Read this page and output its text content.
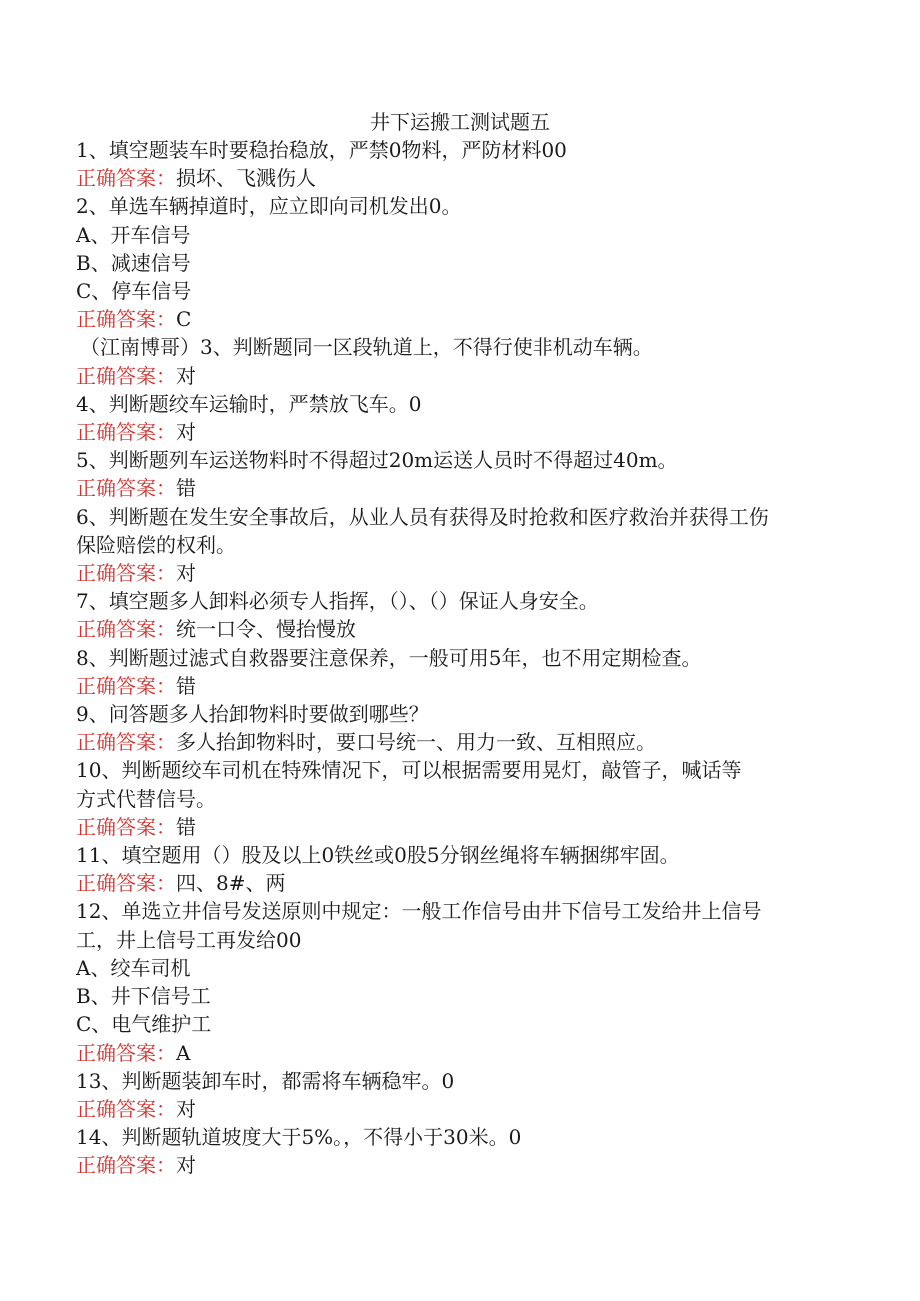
井下运搬工测试题五
1、填空题装车时要稳抬稳放，严禁0物料，严防材料00
正确答案：损坏、飞溅伤人
2、单选车辆掉道时，应立即向司机发出0。
A、开车信号
B、减速信号
C、停车信号
正确答案：C
（江南博哥）3、判断题同一区段轨道上，不得行使非机动车辆。
正确答案：对
4、判断题绞车运输时，严禁放飞车。0
正确答案：对
5、判断题列车运送物料时不得超过20m运送人员时不得超过40m。
正确答案：错
6、判断题在发生安全事故后，从业人员有获得及时抢救和医疗救治并获得工伤
保险赔偿的权利。
正确答案：对
7、填空题多人卸料必须专人指挥，（）、（）保证人身安全。
正确答案：统一口令、慢抬慢放
8、判断题过滤式自救器要注意保养，一般可用5年，也不用定期检查。
正确答案：错
9、问答题多人抬卸物料时要做到哪些？
正确答案：多人抬卸物料时，要口号统一、用力一致、互相照应。
10、判断题绞车司机在特殊情况下，可以根据需要用晃灯，敲管子，喊话等
方式代替信号。
正确答案：错
11、填空题用（）股及以上0铁丝或0股5分钢丝绳将车辆捆绑牢固。
正确答案：四、8#、两
12、单选立井信号发送原则中规定：一般工作信号由井下信号工发给井上信号
工，井上信号工再发给00
A、绞车司机
B、井下信号工
C、电气维护工
正确答案：A
13、判断题装卸车时，都需将车辆稳牢。0
正确答案：对
14、判断题轨道坡度大于5%。，不得小于30米。0
正确答案：对
